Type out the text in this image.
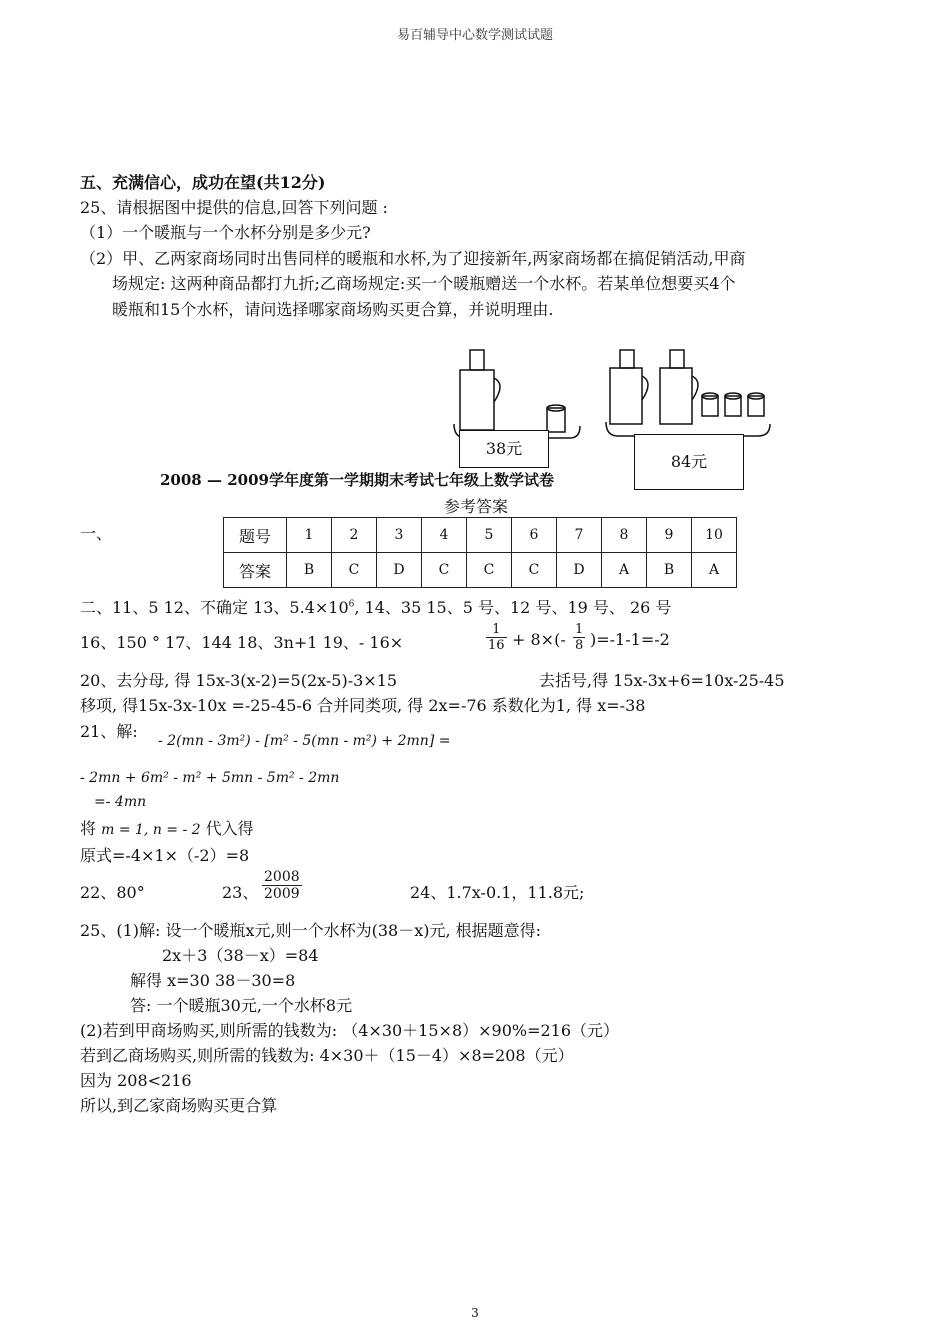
易百辅导中心数学测试试题
五、充满信心，成功在望(共12分)
25、请根据图中提供的信息,回答下列问题 :
（1）一个暖瓶与一个水杯分别是多少元?
（2）甲、乙两家商场同时出售同样的暖瓶和水杯,为了迎接新年,两家商场都在搞促销活动,甲商
场规定: 这两种商品都打九折;乙商场规定:买一个暖瓶赠送一个水杯。若某单位想要买4个
暖瓶和15个水杯，请问选择哪家商场购买更合算，并说明理由.
38元
2008 — 2009学年度第一学期期末考试七年级上数学试卷
84元
参考答案
一、	题号	1	2	3	4	5	6	7	8	9	10
答案	B	C	D	C	C	C	D	A	B	A
二、11、5 12、不确定 13、$5.4\times 10^6$, 14、35 15、5 号、12 号、19 号、 26 号
16、150 ° 17、144 18、3n+1 19、- 16×	$\frac{1}{16} + 8\times(- \frac{1}{8} )=-1-1=-2$
20、去分母, 得 15x-3(x-2)=5(2x-5)-3×15	去括号,得 15x-3x+6=10x-25-45
移项, 得15x-3x-10x =-25-45-6 合并同类项, 得 2x=-76 系数化为1, 得 x=-38
21、解: - 2(mn - 3m²) - [m² - 5(mn - m²) + 2mn] =
- 2mn + 6m² - m² + 5mn - 5m² - 2mn
=- 4mn
将 m = 1, n = - 2 代入得
原式=-4×1×（-2）=8
22、80°	23、 $\frac{2008}{2009}$	24、1.7x-0.1，11.8元;
25、(1)解: 设一个暖瓶x元,则一个水杯为(38－x)元, 根据题意得:
2x＋3（38－x）=84
解得 x=30 38－30=8
答: 一个暖瓶30元,一个水杯8元
(2)若到甲商场购买,则所需的钱数为: （4×30＋15×8）×90%=216（元）
若到乙商场购买,则所需的钱数为: 4×30＋（15－4）×8=208（元）
因为 208<216
所以,到乙家商场购买更合算
3
